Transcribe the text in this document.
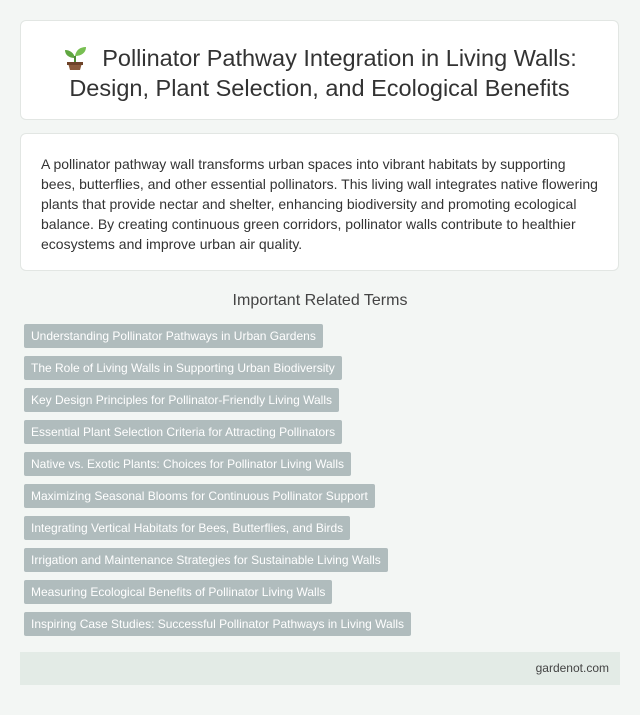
Pollinator Pathway Integration in Living Walls:
Design, Plant Selection, and Ecological Benefits

A pollinator pathway wall transforms urban spaces into vibrant habitats by supporting bees, butterflies, and other essential pollinators. This living wall integrates native flowering plants that provide nectar and shelter, enhancing biodiversity and promoting ecological balance. By creating continuous green corridors, pollinator walls contribute to healthier ecosystems and improve urban air quality.

Important Related Terms
Understanding Pollinator Pathways in Urban Gardens
The Role of Living Walls in Supporting Urban Biodiversity
Key Design Principles for Pollinator-Friendly Living Walls
Essential Plant Selection Criteria for Attracting Pollinators
Native vs. Exotic Plants: Choices for Pollinator Living Walls
Maximizing Seasonal Blooms for Continuous Pollinator Support
Integrating Vertical Habitats for Bees, Butterflies, and Birds
Irrigation and Maintenance Strategies for Sustainable Living Walls
Measuring Ecological Benefits of Pollinator Living Walls
Inspiring Case Studies: Successful Pollinator Pathways in Living Walls
gardenot.com
